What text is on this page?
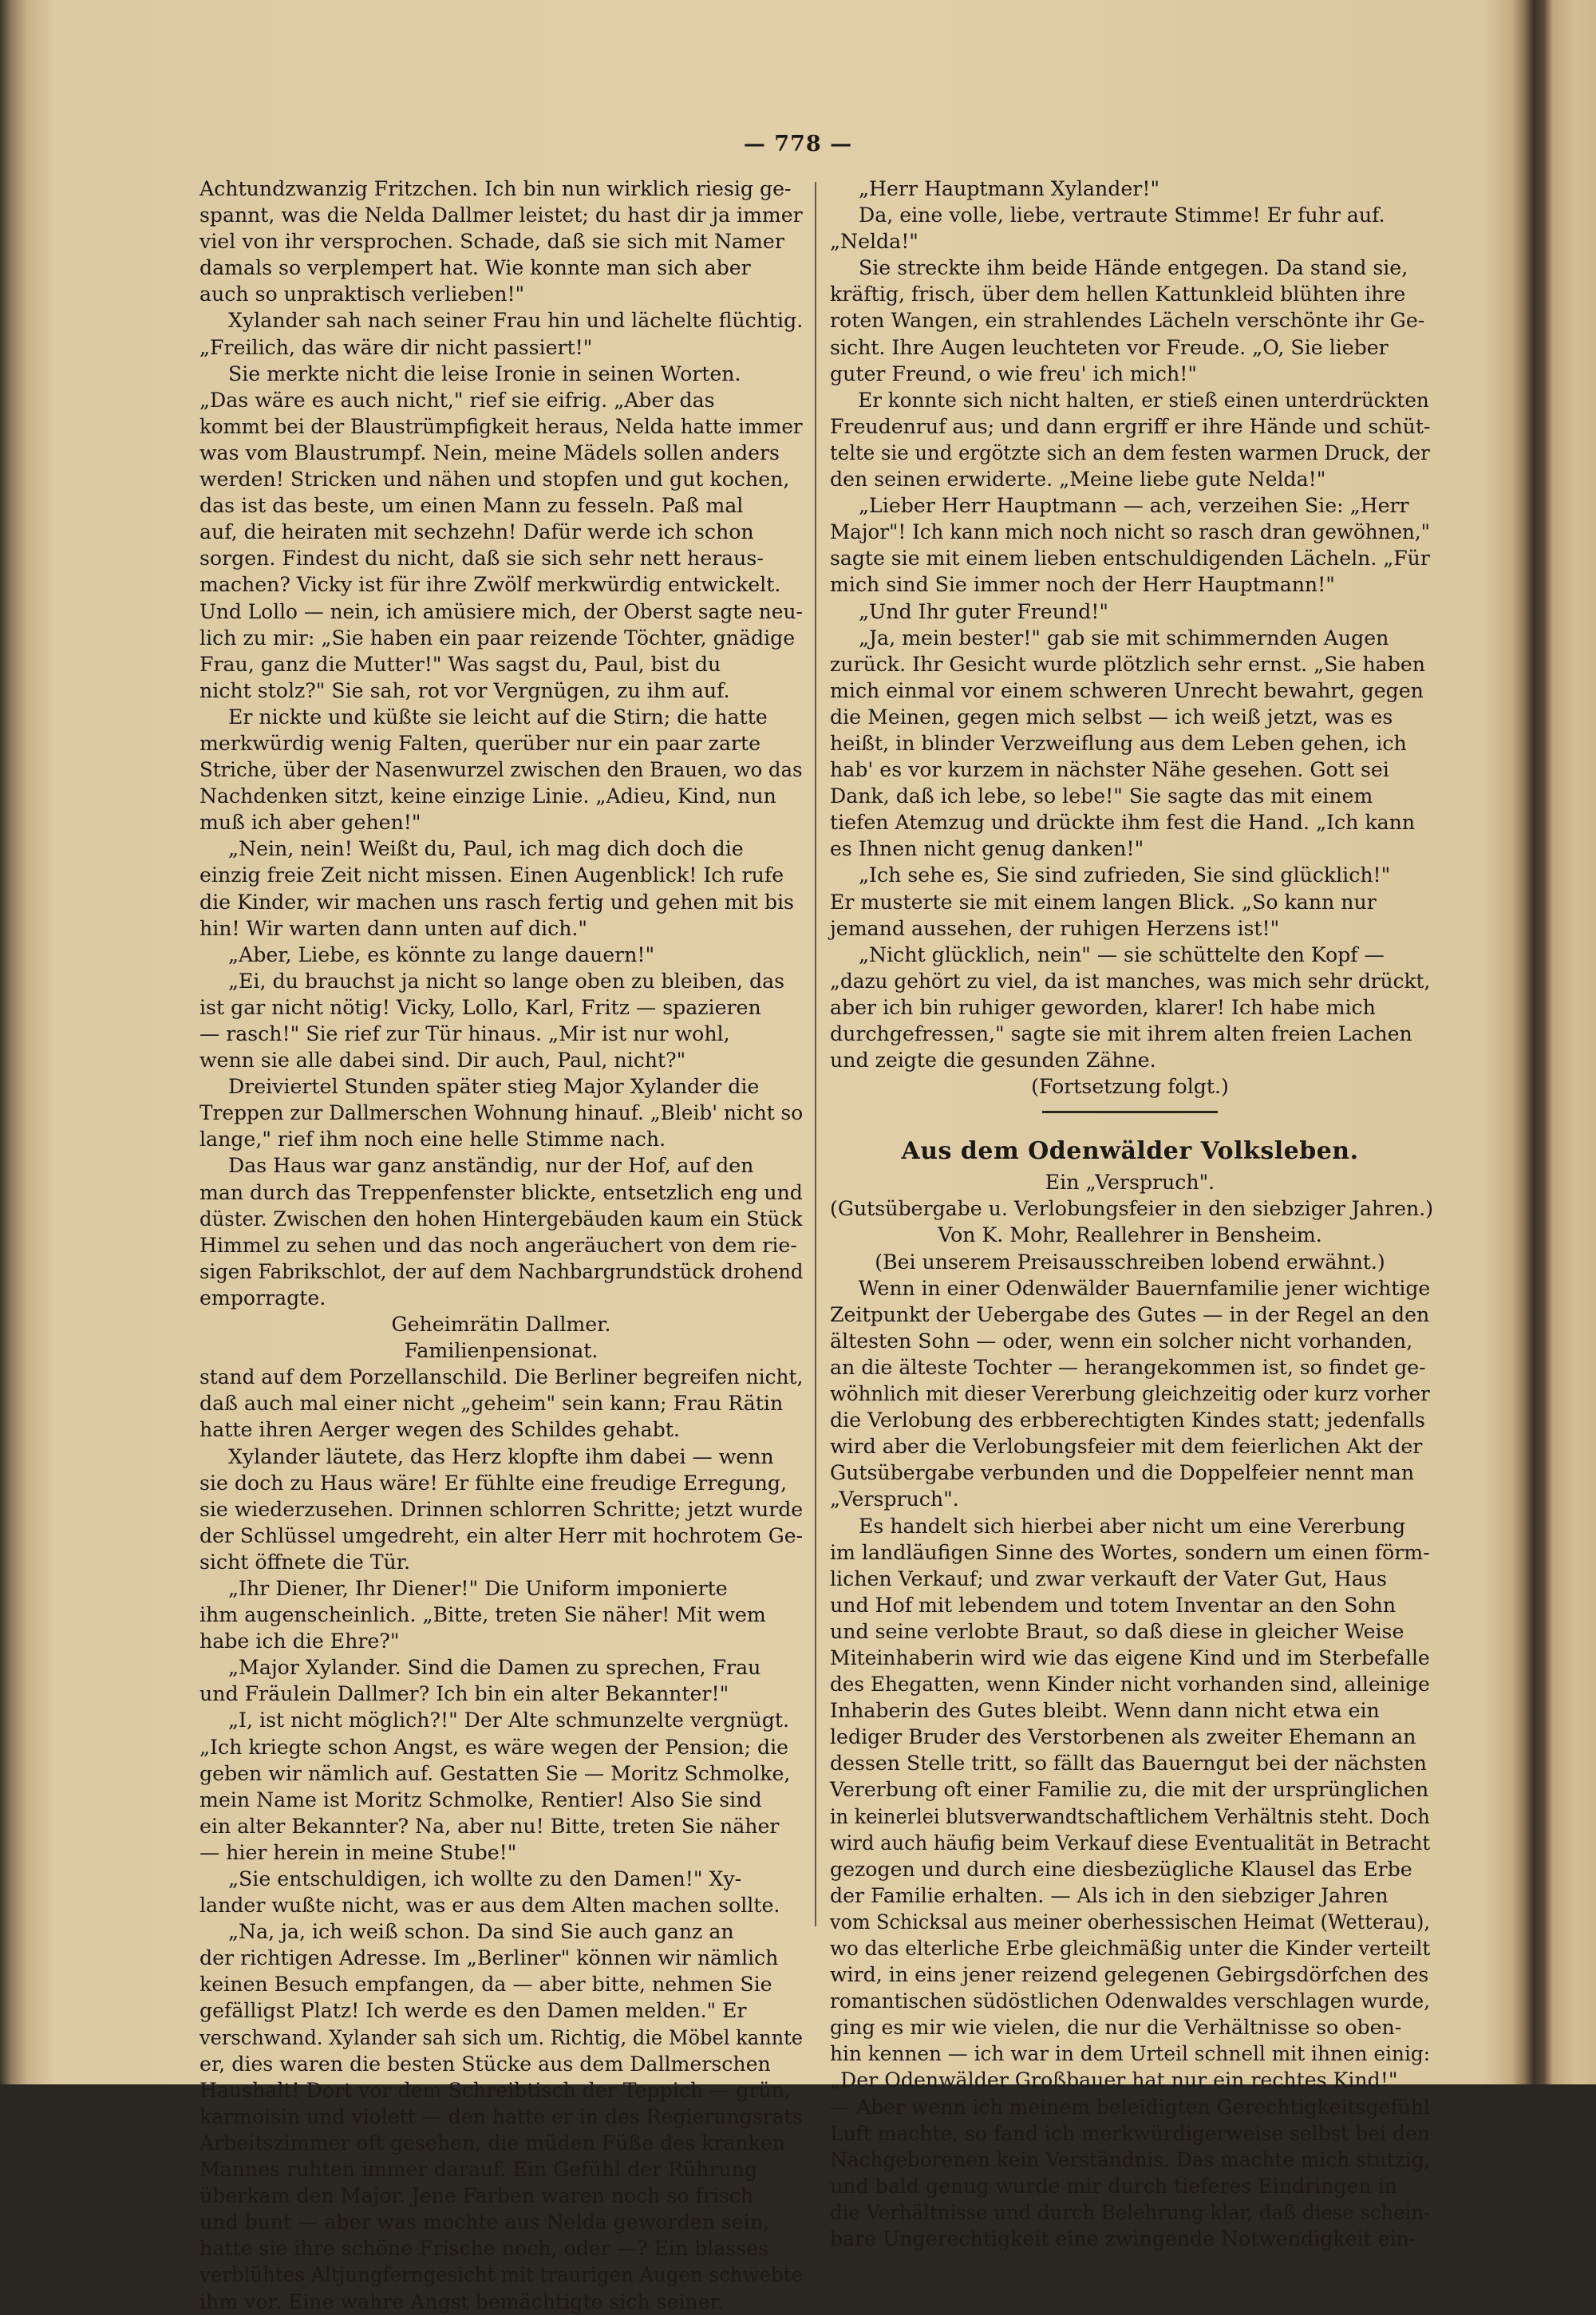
— 778 —
Achtundzwanzig Fritzchen. Ich bin nun wirklich riesig ge-
spannt, was die Nelda Dallmer leistet; du hast dir ja immer
viel von ihr versprochen. Schade, daß sie sich mit Namer
damals so verplempert hat. Wie konnte man sich aber
auch so unpraktisch verlieben!"
Xylander sah nach seiner Frau hin und lächelte flüchtig.
„Freilich, das wäre dir nicht passiert!"
Sie merkte nicht die leise Ironie in seinen Worten.
„Das wäre es auch nicht," rief sie eifrig. „Aber das
kommt bei der Blaustrümpfigkeit heraus, Nelda hatte immer
was vom Blaustrumpf. Nein, meine Mädels sollen anders
werden! Stricken und nähen und stopfen und gut kochen,
das ist das beste, um einen Mann zu fesseln. Paß mal
auf, die heiraten mit sechzehn! Dafür werde ich schon
sorgen. Findest du nicht, daß sie sich sehr nett heraus-
machen? Vicky ist für ihre Zwölf merkwürdig entwickelt.
Und Lollo — nein, ich amüsiere mich, der Oberst sagte neu-
lich zu mir: „Sie haben ein paar reizende Töchter, gnädige
Frau, ganz die Mutter!" Was sagst du, Paul, bist du
nicht stolz?" Sie sah, rot vor Vergnügen, zu ihm auf.
Er nickte und küßte sie leicht auf die Stirn; die hatte
merkwürdig wenig Falten, querüber nur ein paar zarte
Striche, über der Nasenwurzel zwischen den Brauen, wo das
Nachdenken sitzt, keine einzige Linie. „Adieu, Kind, nun
muß ich aber gehen!"
„Nein, nein! Weißt du, Paul, ich mag dich doch die
einzig freie Zeit nicht missen. Einen Augenblick! Ich rufe
die Kinder, wir machen uns rasch fertig und gehen mit bis
hin! Wir warten dann unten auf dich."
„Aber, Liebe, es könnte zu lange dauern!"
„Ei, du brauchst ja nicht so lange oben zu bleiben, das
ist gar nicht nötig! Vicky, Lollo, Karl, Fritz — spazieren
— rasch!" Sie rief zur Tür hinaus. „Mir ist nur wohl,
wenn sie alle dabei sind. Dir auch, Paul, nicht?"
Dreiviertel Stunden später stieg Major Xylander die
Treppen zur Dallmerschen Wohnung hinauf. „Bleib' nicht so
lange," rief ihm noch eine helle Stimme nach.
Das Haus war ganz anständig, nur der Hof, auf den
man durch das Treppenfenster blickte, entsetzlich eng und
düster. Zwischen den hohen Hintergebäuden kaum ein Stück
Himmel zu sehen und das noch angeräuchert von dem rie-
sigen Fabrikschlot, der auf dem Nachbargrundstück drohend
emporragte.
Geheimrätin Dallmer.
Familienpensionat.
stand auf dem Porzellanschild. Die Berliner begreifen nicht,
daß auch mal einer nicht „geheim" sein kann; Frau Rätin
hatte ihren Aerger wegen des Schildes gehabt.
Xylander läutete, das Herz klopfte ihm dabei — wenn
sie doch zu Haus wäre! Er fühlte eine freudige Erregung,
sie wiederzusehen. Drinnen schlorren Schritte; jetzt wurde
der Schlüssel umgedreht, ein alter Herr mit hochrotem Ge-
sicht öffnete die Tür.
„Ihr Diener, Ihr Diener!" Die Uniform imponierte
ihm augenscheinlich. „Bitte, treten Sie näher! Mit wem
habe ich die Ehre?"
„Major Xylander. Sind die Damen zu sprechen, Frau
und Fräulein Dallmer? Ich bin ein alter Bekannter!"
„I, ist nicht möglich?!" Der Alte schmunzelte vergnügt.
„Ich kriegte schon Angst, es wäre wegen der Pension; die
geben wir nämlich auf. Gestatten Sie — Moritz Schmolke,
mein Name ist Moritz Schmolke, Rentier! Also Sie sind
ein alter Bekannter? Na, aber nu! Bitte, treten Sie näher
— hier herein in meine Stube!"
„Sie entschuldigen, ich wollte zu den Damen!" Xy-
lander wußte nicht, was er aus dem Alten machen sollte.
„Na, ja, ich weiß schon. Da sind Sie auch ganz an
der richtigen Adresse. Im „Berliner" können wir nämlich
keinen Besuch empfangen, da — aber bitte, nehmen Sie
gefälligst Platz! Ich werde es den Damen melden." Er
verschwand. Xylander sah sich um. Richtig, die Möbel kannte
er, dies waren die besten Stücke aus dem Dallmerschen
Haushalt! Dort vor dem Schreibtisch der Teppich — grün,
karmoisin und violett — den hatte er in des Regierungsrats
Arbeitszimmer oft gesehen, die müden Füße des kranken
Mannes ruhten immer darauf. Ein Gefühl der Rührung
überkam den Major. Jene Farben waren noch so frisch
und bunt — aber was mochte aus Nelda geworden sein,
hatte sie ihre schöne Frische noch, oder —? Ein blasses
verblühtes Altjungferngesicht mit traurigen Augen schwebte
ihm vor. Eine wahre Angst bemächtigte sich seiner.
„Herr Hauptmann Xylander!"
Da, eine volle, liebe, vertraute Stimme! Er fuhr auf.
„Nelda!"
Sie streckte ihm beide Hände entgegen. Da stand sie,
kräftig, frisch, über dem hellen Kattunkleid blühten ihre
roten Wangen, ein strahlendes Lächeln verschönte ihr Ge-
sicht. Ihre Augen leuchteten vor Freude. „O, Sie lieber
guter Freund, o wie freu' ich mich!"
Er konnte sich nicht halten, er stieß einen unterdrückten
Freudenruf aus; und dann ergriff er ihre Hände und schüt-
telte sie und ergötzte sich an dem festen warmen Druck, der
den seinen erwiderte. „Meine liebe gute Nelda!"
„Lieber Herr Hauptmann — ach, verzeihen Sie: „Herr
Major"! Ich kann mich noch nicht so rasch dran gewöhnen,"
sagte sie mit einem lieben entschuldigenden Lächeln. „Für
mich sind Sie immer noch der Herr Hauptmann!"
„Und Ihr guter Freund!"
„Ja, mein bester!" gab sie mit schimmernden Augen
zurück. Ihr Gesicht wurde plötzlich sehr ernst. „Sie haben
mich einmal vor einem schweren Unrecht bewahrt, gegen
die Meinen, gegen mich selbst — ich weiß jetzt, was es
heißt, in blinder Verzweiflung aus dem Leben gehen, ich
hab' es vor kurzem in nächster Nähe gesehen. Gott sei
Dank, daß ich lebe, so lebe!" Sie sagte das mit einem
tiefen Atemzug und drückte ihm fest die Hand. „Ich kann
es Ihnen nicht genug danken!"
„Ich sehe es, Sie sind zufrieden, Sie sind glücklich!"
Er musterte sie mit einem langen Blick. „So kann nur
jemand aussehen, der ruhigen Herzens ist!"
„Nicht glücklich, nein" — sie schüttelte den Kopf —
„dazu gehört zu viel, da ist manches, was mich sehr drückt,
aber ich bin ruhiger geworden, klarer! Ich habe mich
durchgefressen," sagte sie mit ihrem alten freien Lachen
und zeigte die gesunden Zähne.
(Fortsetzung folgt.)
Aus dem Odenwälder Volksleben.
Ein „Verspruch".
(Gutsübergabe u. Verlobungsfeier in den siebziger Jahren.)
Von K. Mohr, Reallehrer in Bensheim.
(Bei unserem Preisausschreiben lobend erwähnt.)
Wenn in einer Odenwälder Bauernfamilie jener wichtige
Zeitpunkt der Uebergabe des Gutes — in der Regel an den
ältesten Sohn — oder, wenn ein solcher nicht vorhanden,
an die älteste Tochter — herangekommen ist, so findet ge-
wöhnlich mit dieser Vererbung gleichzeitig oder kurz vorher
die Verlobung des erbberechtigten Kindes statt; jedenfalls
wird aber die Verlobungsfeier mit dem feierlichen Akt der
Gutsübergabe verbunden und die Doppelfeier nennt man
„Verspruch".
Es handelt sich hierbei aber nicht um eine Vererbung
im landläufigen Sinne des Wortes, sondern um einen förm-
lichen Verkauf; und zwar verkauft der Vater Gut, Haus
und Hof mit lebendem und totem Inventar an den Sohn
und seine verlobte Braut, so daß diese in gleicher Weise
Miteinhaberin wird wie das eigene Kind und im Sterbefalle
des Ehegatten, wenn Kinder nicht vorhanden sind, alleinige
Inhaberin des Gutes bleibt. Wenn dann nicht etwa ein
lediger Bruder des Verstorbenen als zweiter Ehemann an
dessen Stelle tritt, so fällt das Bauerngut bei der nächsten
Vererbung oft einer Familie zu, die mit der ursprünglichen
in keinerlei blutsverwandtschaftlichem Verhältnis steht. Doch
wird auch häufig beim Verkauf diese Eventualität in Betracht
gezogen und durch eine diesbezügliche Klausel das Erbe
der Familie erhalten. — Als ich in den siebziger Jahren
vom Schicksal aus meiner oberhessischen Heimat (Wetterau),
wo das elterliche Erbe gleichmäßig unter die Kinder verteilt
wird, in eins jener reizend gelegenen Gebirgsdörfchen des
romantischen südöstlichen Odenwaldes verschlagen wurde,
ging es mir wie vielen, die nur die Verhältnisse so oben-
hin kennen — ich war in dem Urteil schnell mit ihnen einig:
„Der Odenwälder Großbauer hat nur ein rechtes Kind!"
— Aber wenn ich meinem beleidigten Gerechtigkeitsgefühl
Luft machte, so fand ich merkwürdigerweise selbst bei den
Nachgeborenen kein Verständnis. Das machte mich stutzig,
und bald genug wurde mir durch tieferes Eindringen in
die Verhältnisse und durch Belehrung klar, daß diese schein-
bare Ungerechtigkeit eine zwingende Notwendigkeit ein-
